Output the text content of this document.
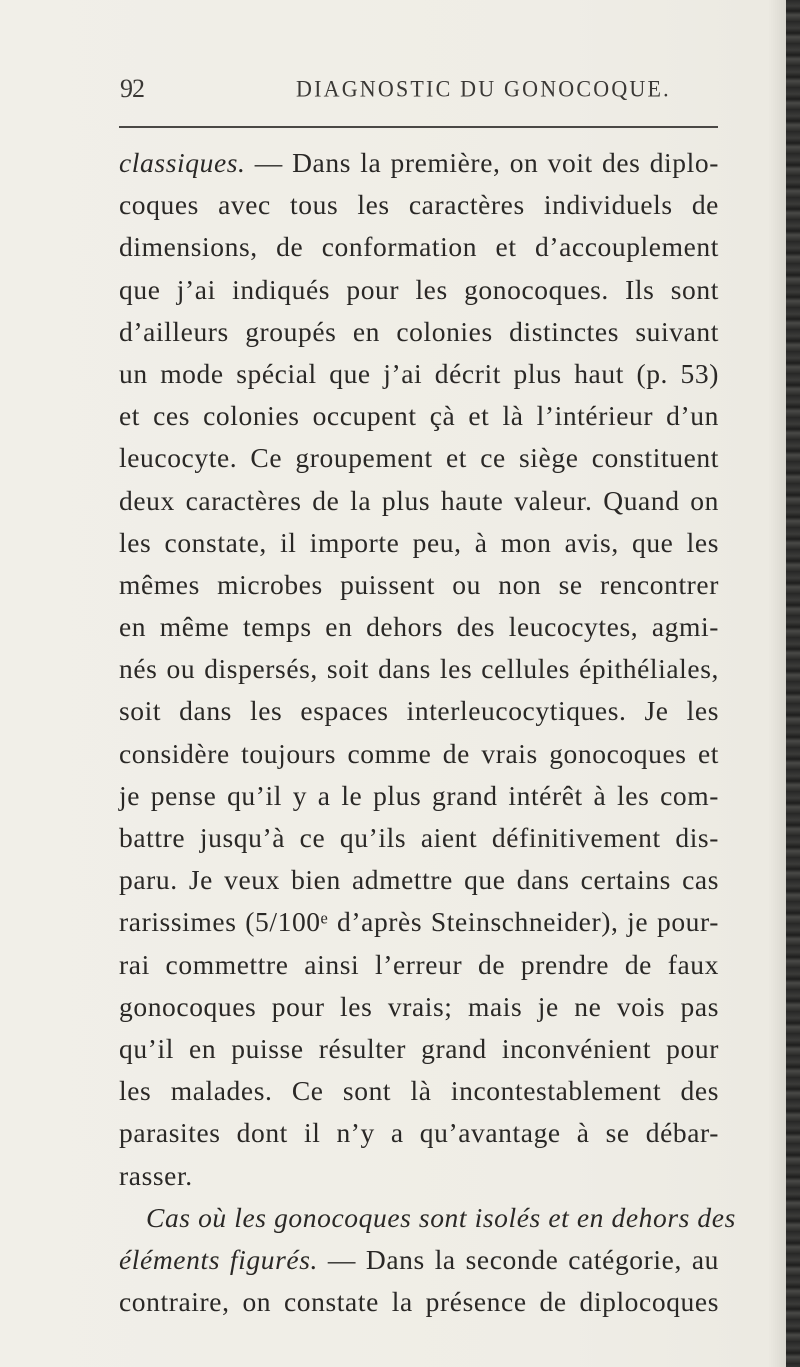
92	DIAGNOSTIC DU GONOCOQUE.
classiques. — Dans la première, on voit des diplo-
coques avec tous les caractères individuels de
dimensions, de conformation et d’accouplement
que j’ai indiqués pour les gonocoques. Ils sont
d’ailleurs groupés en colonies distinctes suivant
un mode spécial que j’ai décrit plus haut (p. 53)
et ces colonies occupent çà et là l’intérieur d’un
leucocyte. Ce groupement et ce siège constituent
deux caractères de la plus haute valeur. Quand on
les constate, il importe peu, à mon avis, que les
mêmes microbes puissent ou non se rencontrer
en même temps en dehors des leucocytes, agmi-
nés ou dispersés, soit dans les cellules épithéliales,
soit dans les espaces interleucocytiques. Je les
considère toujours comme de vrais gonocoques et
je pense qu’il y a le plus grand intérêt à les com-
battre jusqu’à ce qu’ils aient définitivement dis-
paru. Je veux bien admettre que dans certains cas
rarissimes (5/100ᵉ d’après Steinschneider), je pour-
rai commettre ainsi l’erreur de prendre de faux
gonocoques pour les vrais; mais je ne vois pas
qu’il en puisse résulter grand inconvénient pour
les malades. Ce sont là incontestablement des
parasites dont il n’y a qu’avantage à se débar-
rasser.
Cas où les gonocoques sont isolés et en dehors des
éléments figurés. — Dans la seconde catégorie, au
contraire, on constate la présence de diplocoques
